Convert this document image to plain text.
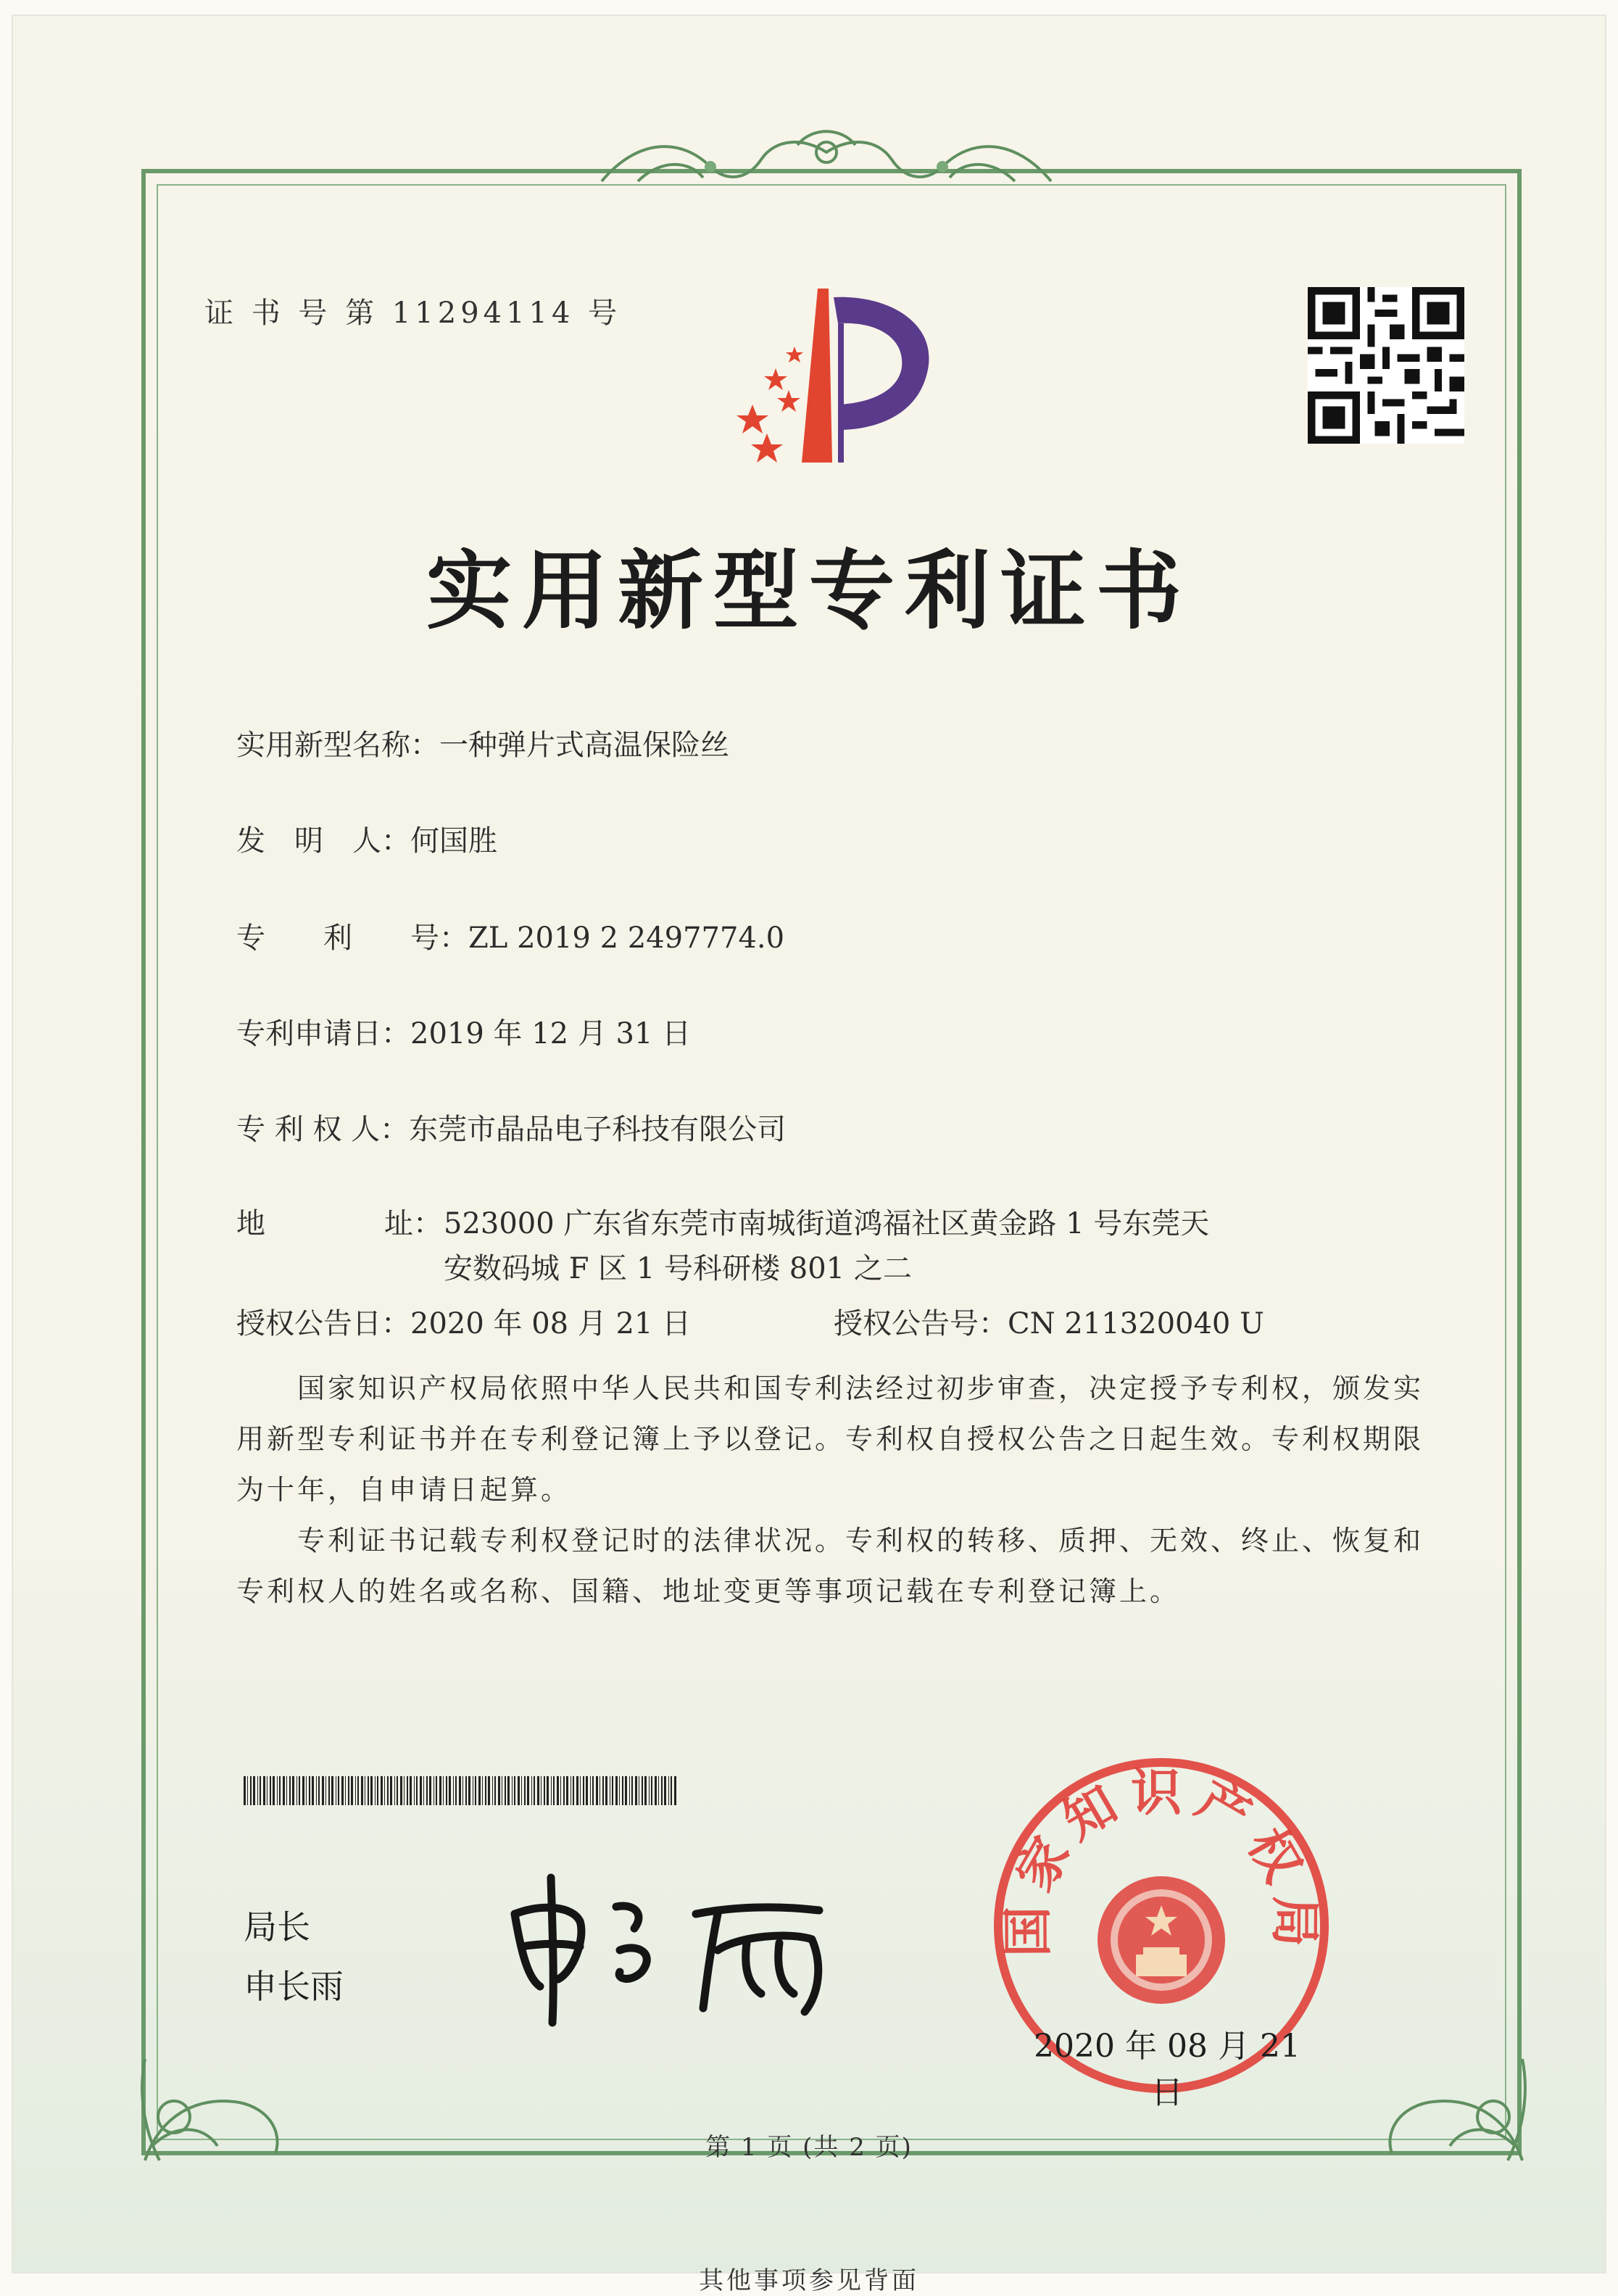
证 书 号 第 11294114 号
实用新型专利证书
实用新型名称：一种弹片式高温保险丝
发　明　人：何国胜
专　　利　　号：ZL 2019 2 2497774.0
专利申请日：2019 年 12 月 31 日
专 利 权 人：东莞市晶品电子科技有限公司
地	址： 523000 广东省东莞市南城街道鸿福社区黄金路 1 号东莞天
安数码城 F 区 1 号科研楼 801 之二
授权公告日：2020 年 08 月 21 日	授权公告号：CN 211320040 U

国家知识产权局依照中华人民共和国专利法经过初步审查，决定授予专利权，颁发实用新型专利证书并在专利登记簿上予以登记。专利权自授权公告之日起生效。专利权期限为十年，自申请日起算。

专利证书记载专利权登记时的法律状况。专利权的转移、质押、无效、终止、恢复和专利权人的姓名或名称、国籍、地址变更等事项记载在专利登记簿上。

局长
申长雨
国家知识产权局
2020 年 08 月 21 日
第 1 页 (共 2 页)
其他事项参见背面
